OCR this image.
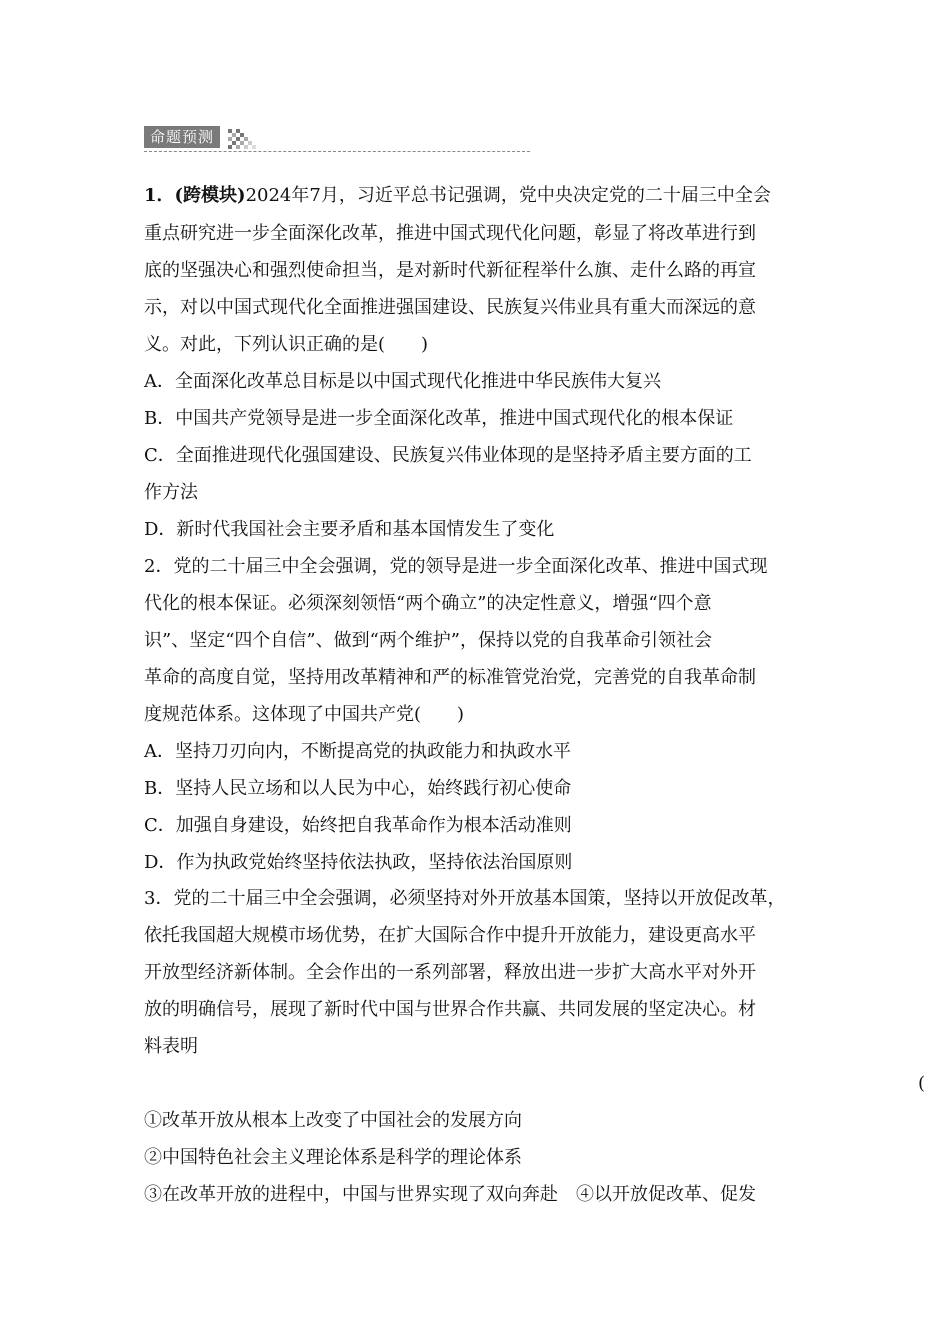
命题预测
1．(跨模块)2024年7月，习近平总书记强调，党中央决定党的二十届三中全会
重点研究进一步全面深化改革，推进中国式现代化问题，彰显了将改革进行到
底的坚强决心和强烈使命担当，是对新时代新征程举什么旗、走什么路的再宣
示，对以中国式现代化全面推进强国建设、民族复兴伟业具有重大而深远的意
义。对此，下列认识正确的是(　　)
A．全面深化改革总目标是以中国式现代化推进中华民族伟大复兴
B．中国共产党领导是进一步全面深化改革，推进中国式现代化的根本保证
C．全面推进现代化强国建设、民族复兴伟业体现的是坚持矛盾主要方面的工
作方法
D．新时代我国社会主要矛盾和基本国情发生了变化
2．党的二十届三中全会强调，党的领导是进一步全面深化改革、推进中国式现
代化的根本保证。必须深刻领悟“两个确立”的决定性意义，增强“四个意
识”、坚定“四个自信”、做到“两个维护”，保持以党的自我革命引领社会
革命的高度自觉，坚持用改革精神和严的标准管党治党，完善党的自我革命制
度规范体系。这体现了中国共产党(　　)
A．坚持刀刃向内，不断提高党的执政能力和执政水平
B．坚持人民立场和以人民为中心，始终践行初心使命
C．加强自身建设，始终把自我革命作为根本活动准则
D．作为执政党始终坚持依法执政，坚持依法治国原则
3．党的二十届三中全会强调，必须坚持对外开放基本国策，坚持以开放促改革，
依托我国超大规模市场优势，在扩大国际合作中提升开放能力，建设更高水平
开放型经济新体制。全会作出的一系列部署，释放出进一步扩大高水平对外开
放的明确信号，展现了新时代中国与世界合作共赢、共同发展的坚定决心。材
料表明
(
①改革开放从根本上改变了中国社会的发展方向
②中国特色社会主义理论体系是科学的理论体系
③在改革开放的进程中，中国与世界实现了双向奔赴　④以开放促改革、促发
